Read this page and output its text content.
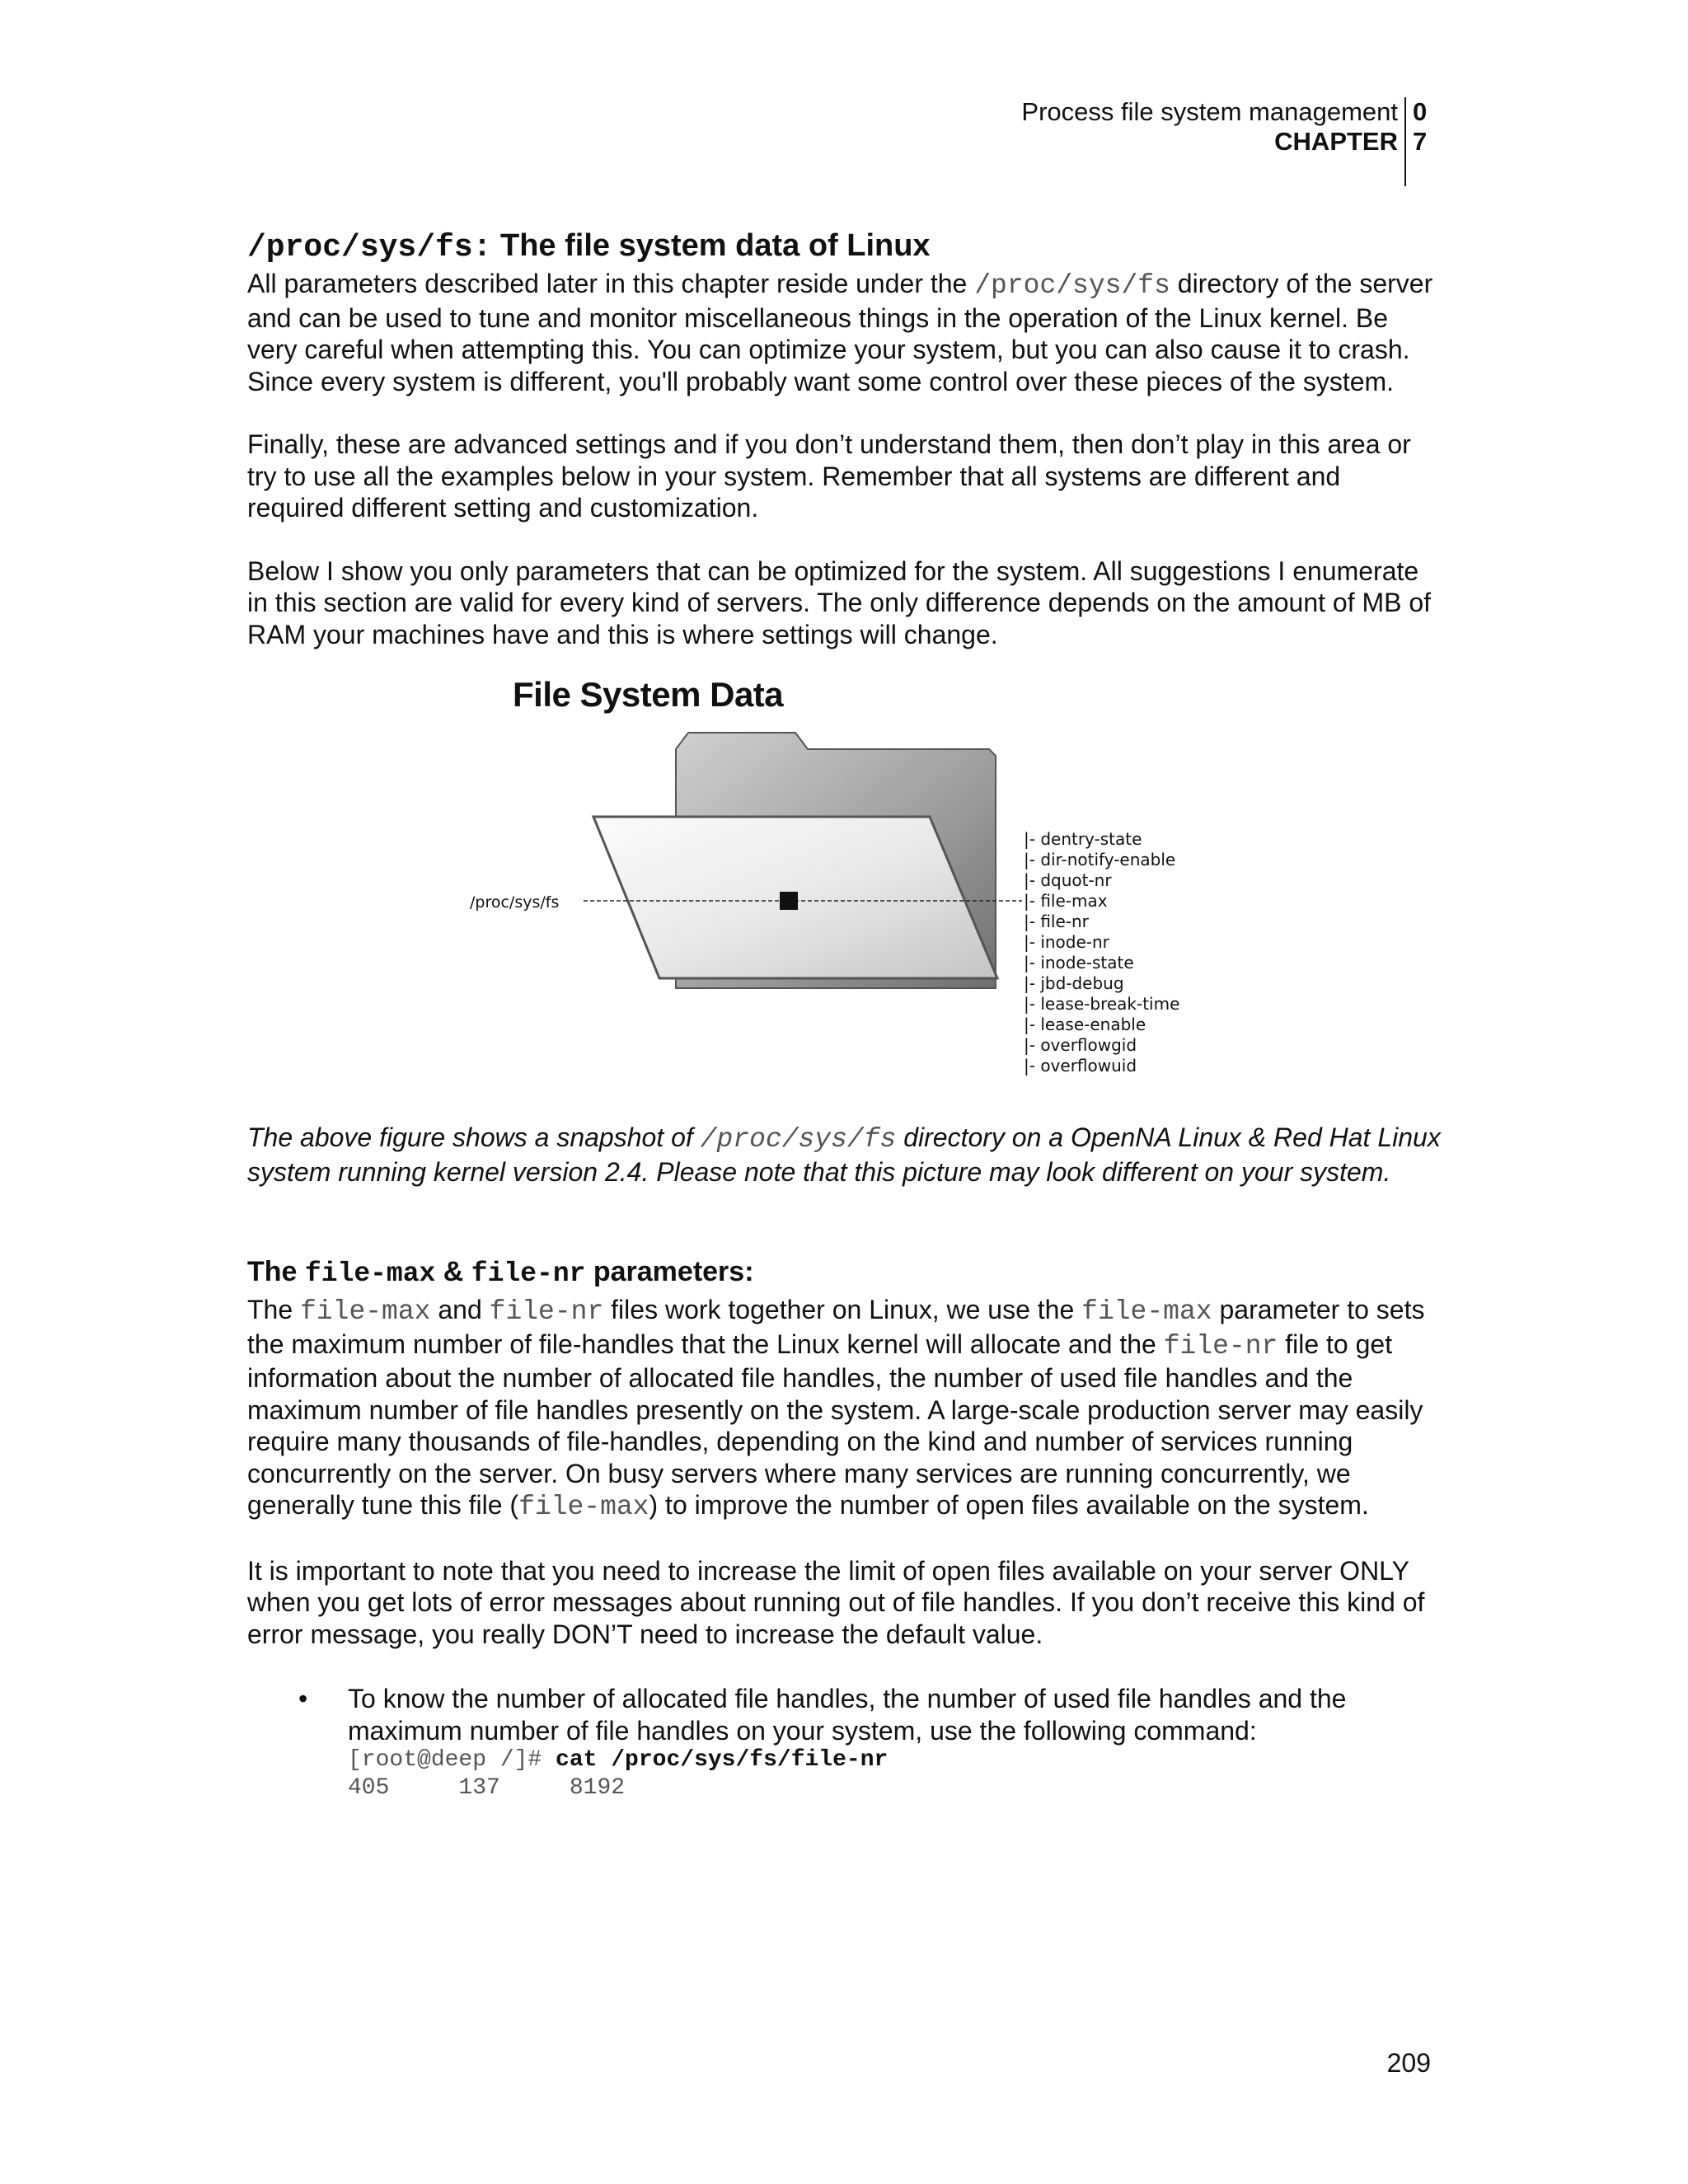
Process file system management 0
CHAPTER 7
/proc/sys/fs: The file system data of Linux

All parameters described later in this chapter reside under the /proc/sys/fs directory of the server and can be used to tune and monitor miscellaneous things in the operation of the Linux kernel. Be very careful when attempting this. You can optimize your system, but you can also cause it to crash. Since every system is different, you'll probably want some control over these pieces of the system.

Finally, these are advanced settings and if you don’t understand them, then don’t play in this area or try to use all the examples below in your system. Remember that all systems are different and required different setting and customization.

Below I show you only parameters that can be optimized for the system. All suggestions I enumerate in this section are valid for every kind of servers. The only difference depends on the amount of MB of RAM your machines have and this is where settings will change.

File System Data
/proc/sys/fs
|- dentry-state
|- dir-notify-enable
|- dquot-nr
|- file-max
|- file-nr
|- inode-nr
|- inode-state
|- jbd-debug
|- lease-break-time
|- lease-enable
|- overflowgid
|- overflowuid

The above figure shows a snapshot of /proc/sys/fs directory on a OpenNA Linux & Red Hat Linux system running kernel version 2.4. Please note that this picture may look different on your system.

The file-max & file-nr parameters:

The file-max and file-nr files work together on Linux, we use the file-max parameter to sets the maximum number of file-handles that the Linux kernel will allocate and the file-nr file to get information about the number of allocated file handles, the number of used file handles and the maximum number of file handles presently on the system. A large-scale production server may easily require many thousands of file-handles, depending on the kind and number of services running concurrently on the server. On busy servers where many services are running concurrently, we generally tune this file (file-max) to improve the number of open files available on the system.

It is important to note that you need to increase the limit of open files available on your server ONLY when you get lots of error messages about running out of file handles. If you don’t receive this kind of error message, you really DON’T need to increase the default value.

• To know the number of allocated file handles, the number of used file handles and the maximum number of file handles on your system, use the following command:

[root@deep /]# cat /proc/sys/fs/file-nr
405     137     8192
209
